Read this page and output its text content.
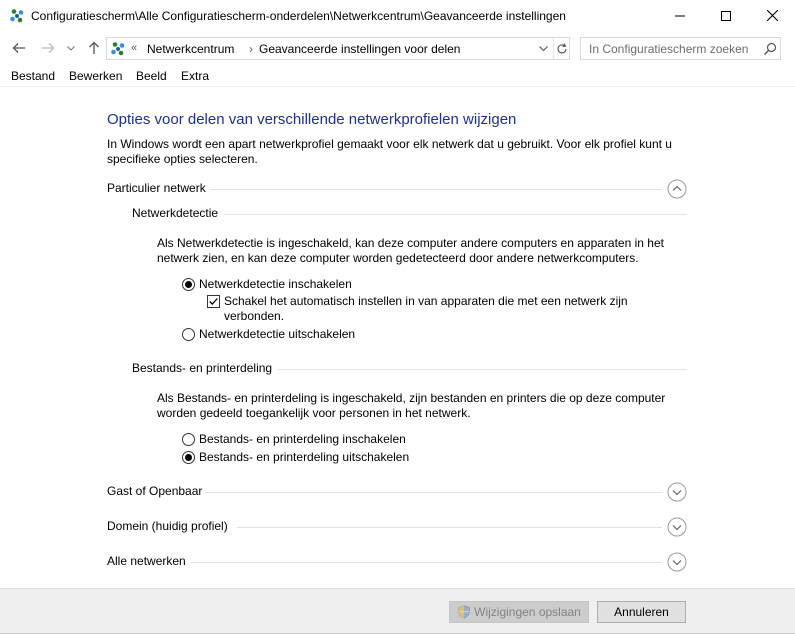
Configuratiescherm\Alle Configuratiescherm-onderdelen\Netwerkcentrum\Geavanceerde instellingen
« Netwerkcentrum › Geavanceerde instellingen voor delen
In Configuratiescherm zoeken
Bestand Bewerken Beeld Extra
Opties voor delen van verschillende netwerkprofielen wijzigen
In Windows wordt een apart netwerkprofiel gemaakt voor elk netwerk dat u gebruikt. Voor elk profiel kunt u specifieke opties selecteren.
Particulier netwerk
Netwerkdetectie
Als Netwerkdetectie is ingeschakeld, kan deze computer andere computers en apparaten in het netwerk zien, en kan deze computer worden gedetecteerd door andere netwerkcomputers.
Netwerkdetectie inschakelen
Schakel het automatisch instellen in van apparaten die met een netwerk zijn verbonden.
Netwerkdetectie uitschakelen
Bestands- en printerdeling
Als Bestands- en printerdeling is ingeschakeld, zijn bestanden en printers die op deze computer worden gedeeld toegankelijk voor personen in het netwerk.
Bestands- en printerdeling inschakelen
Bestands- en printerdeling uitschakelen
Gast of Openbaar
Domein (huidig profiel)
Alle netwerken
Wijzigingen opslaan	Annuleren
